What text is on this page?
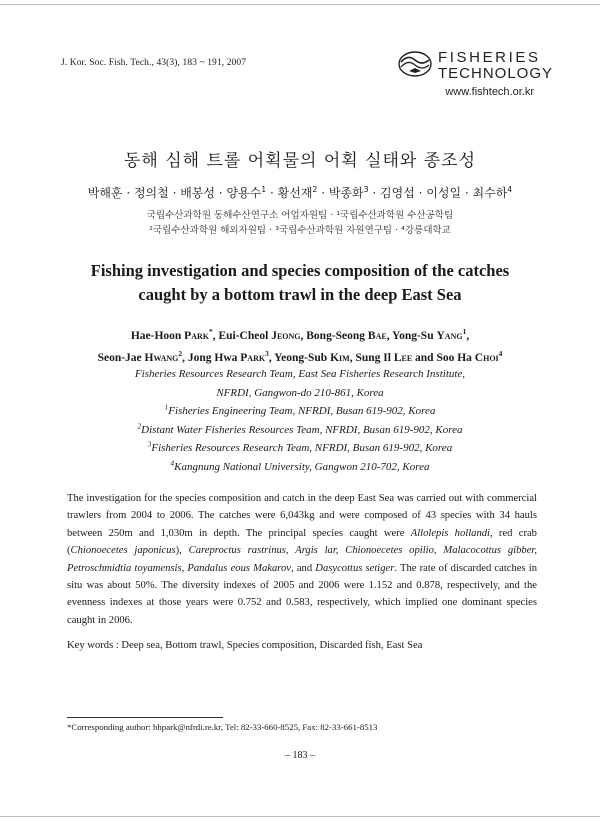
J. Kor. Soc. Fish. Tech., 43(3), 183 ~ 191, 2007	FISHERIES
TECHNOLOGY
www.fishtech.or.kr
동해 심해 트롤 어획물의 어획 실태와 종조성
박해훈 · 정의철 · 배봉성 · 양용수$^1$ · 황선재$^2$ · 박종화$^3$ · 김영섭 · 이성일 · 최수하$^4$
국립수산과학원 동해수산연구소 어업자원팀 · ¹국립수산과학원 수산공학팀
²국립수산과학원 해외자원팀 · ³국립수산과학원 자원연구팀 · ⁴강릉대학교
Fishing investigation and species composition of the catches
caught by a bottom trawl in the deep East Sea
Hae-Hoon Park*, Eui-Cheol Jeong, Bong-Seong Bae, Yong-Su Yang$^1$,
Seon-Jae Hwang$^2$, Jong Hwa Park$^3$, Yeong-Sub Kim, Sung Il Lee and Soo Ha Choi$^4$
Fisheries Resources Research Team, East Sea Fisheries Research Institute,
NFRDI, Gangwon-do 210-861, Korea
$^1$Fisheries Engineering Team, NFRDI, Busan 619-902, Korea
$^2$Distant Water Fisheries Resources Team, NFRDI, Busan 619-902, Korea
$^3$Fisheries Resources Research Team, NFRDI, Busan 619-902, Korea
$^4$Kangnung National University, Gangwon 210-702, Korea
The investigation for the species composition and catch in the deep East Sea was carried out with commercial trawlers from 2004 to 2006. The catches were 6,043kg and were composed of 43 species with 34 hauls between 250m and 1,030m in depth. The principal species caught were Allolepis hollandi, red crab (Chionoecetes japonicus), Careproctus rastrinus, Argis lar, Chionoecetes opilio, Malacocottus gibber, Petroschmidtia toyamensis, Pandalus eous Makarov, and Dasycottus setiger. The rate of discarded catches in situ was about 50%. The diversity indexes of 2005 and 2006 were 1.152 and 0.878, respectively, and the evenness indexes at those years were 0.752 and 0.583, respectively, which implied one dominant species caught in 2006.
Key words : Deep sea, Bottom trawl, Species composition, Discarded fish, East Sea
*Corresponding author: hhpark@nfrdi.re.kr, Tel: 82-33-660-8525, Fax: 82-33-661-8513
– 183 –
